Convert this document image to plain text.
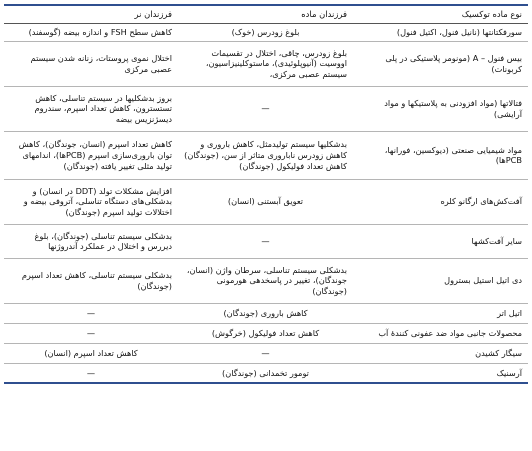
نوع ماده توکسیک	فرزندان ماده	فرزندان نر
سورفکتانتها (نانیل فنول، اکتیل فنول)	بلوغ زودرس (خوک)	کاهش سطح FSH و اندازه بیضه (گوسفند)
بیس فنول – A (مونومر پلاستیکی در پلی کربونات)	بلوغ زودرس، چاقی، اختلال در تقسیمات اووسیت (آنیوپلوئیدی)، ماستوکلینیزاسیون، سیستم عصبی مرکزی،	اختلال نموی پروستات، زنانه شدن سیستم عصبی مرکزی
فتالاتها (مواد افزودنی به پلاستیکها و مواد آرایشی)	—	بروز بدشکلیها در سیستم تناسلی، کاهش تستسترون، کاهش تعداد اسپرم، سندروم دیسژنزیس بیضه
مواد شیمیایی صنعتی (دیوکسین، فورانها، PCBها)	بدشکلیها سیستم تولیدمثل، کاهش باروری و کاهش زودرس ناباروری متاثر از سن، (جوندگان) کاهش تعداد فولیکول (جوندگان)	کاهش تعداد اسپرم (انسان، جوندگان)، کاهش توان باروری‌سازی اسپرم (PCBها)، اندامهای تولید مثلی تغییر یافته (جوندگان)
آفت‌کش‌های ارگانو کلره	تعویق آبستنی (انسان)	افزایش مشکلات تولد (DDT در انسان) و بدشکلی‌های دستگاه تناسلی، آتروفی بیضه و اختلالات تولید اسپرم (جوندگان)
سایر آفت‌کشها	—	بدشکلی سیستم تناسلی (جوندگان)، بلوغ دیررس و اختلال در عملکرد آندروژنها
دی اتیل استیل بسترول	بدشکلی سیستم تناسلی، سرطان واژن (انسان، جوندگان)، تغییر در پاسخدهی هورمونی (جوندگان)	بدشکلی سیستم تناسلی، کاهش تعداد اسپرم (جوندگان)
اتیل اتر	کاهش باروری (جوندگان)	—
محصولات جانبی مواد ضد عفونی کنندهٔ آب	کاهش تعداد فولیکول (خرگوش)	—
سیگار کشیدن	—	کاهش تعداد اسپرم (انسان)
آرسنیک	تومور تخمدانی (جوندگان)	—
